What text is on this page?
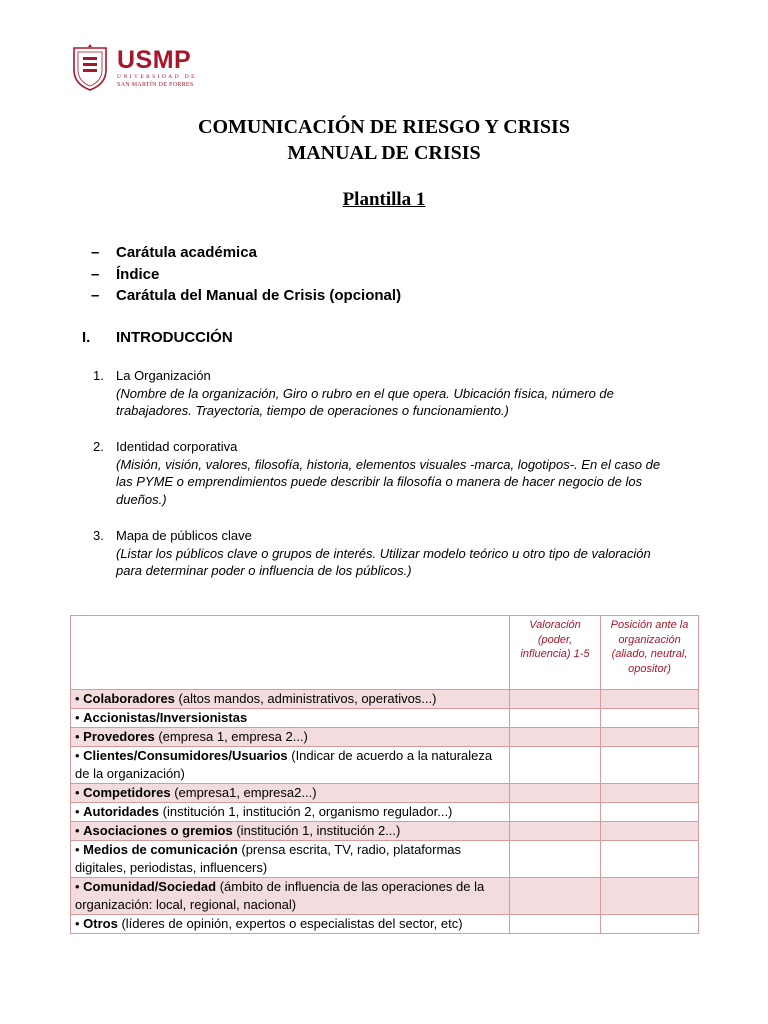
USMP
UNIVERSIDAD DE
SAN MARTÍN DE PORRES
COMUNICACIÓN DE RIESGO Y CRISIS
MANUAL DE CRISIS
Plantilla 1
– Carátula académica
– Índice
– Carátula del Manual de Crisis (opcional)
I. INTRODUCCIÓN
1. La Organización
(Nombre de la organización, Giro o rubro en el que opera. Ubicación física, número de trabajadores. Trayectoria, tiempo de operaciones o funcionamiento.)
2. Identidad corporativa
(Misión, visión, valores, filosofía, historia, elementos visuales -marca, logotipos-. En el caso de las PYME o emprendimientos puede describir la filosofía o manera de hacer negocio de los dueños.)
3. Mapa de públicos clave
(Listar los públicos clave o grupos de interés. Utilizar modelo teórico u otro tipo de valoración para determinar poder o influencia de los públicos.)
	Valoración (poder, influencia) 1-5	Posición ante la organización (aliado, neutral, opositor)
• Colaboradores (altos mandos, administrativos, operativos...)		
• Accionistas/Inversionistas		
• Provedores (empresa 1, empresa 2...)		
• Clientes/Consumidores/Usuarios (Indicar de acuerdo a la naturaleza de la organización)		
• Competidores (empresa1, empresa2...)		
• Autoridades (institución 1, institución 2, organismo regulador...)		
• Asociaciones o gremios (institución 1, institución 2...)		
• Medios de comunicación (prensa escrita, TV, radio, plataformas digitales, periodistas, influencers)		
• Comunidad/Sociedad (ámbito de influencia de las operaciones de la organización: local, regional, nacional)		
• Otros (líderes de opinión, expertos o especialistas del sector, etc)		
